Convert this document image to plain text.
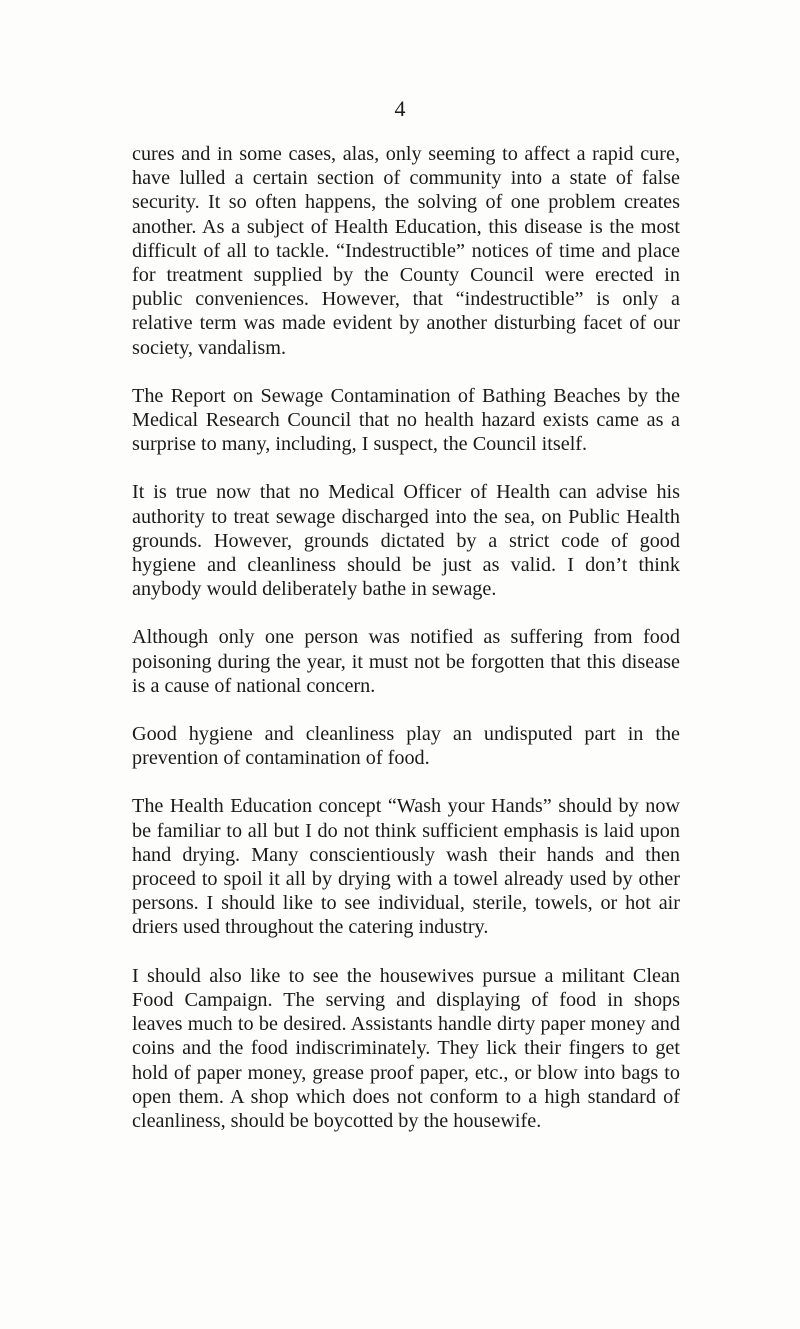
4

cures and in some cases, alas, only seeming to affect a rapid cure, have lulled a certain section of community into a state of false security. It so often happens, the solving of one problem creates another. As a subject of Health Education, this disease is the most difficult of all to tackle. “Indestructible” notices of time and place for treatment supplied by the County Council were erected in public conveniences. However, that “indestructible” is only a relative term was made evident by another disturbing facet of our society, vandalism.

The Report on Sewage Contamination of Bathing Beaches by the Medical Research Council that no health hazard exists came as a surprise to many, including, I suspect, the Council itself.

It is true now that no Medical Officer of Health can advise his authority to treat sewage discharged into the sea, on Public Health grounds. However, grounds dictated by a strict code of good hygiene and cleanliness should be just as valid. I don’t think anybody would deliberately bathe in sewage.

Although only one person was notified as suffering from food poisoning during the year, it must not be forgotten that this disease is a cause of national concern.

Good hygiene and cleanliness play an undisputed part in the prevention of contamination of food.

The Health Education concept “Wash your Hands” should by now be familiar to all but I do not think sufficient emphasis is laid upon hand drying. Many conscientiously wash their hands and then proceed to spoil it all by drying with a towel already used by other persons. I should like to see individual, sterile, towels, or hot air driers used throughout the catering industry.

I should also like to see the housewives pursue a militant Clean Food Campaign. The serving and displaying of food in shops leaves much to be desired. Assistants handle dirty paper money and coins and the food indiscriminately. They lick their fingers to get hold of paper money, grease proof paper, etc., or blow into bags to open them. A shop which does not conform to a high standard of cleanliness, should be boycotted by the housewife.
